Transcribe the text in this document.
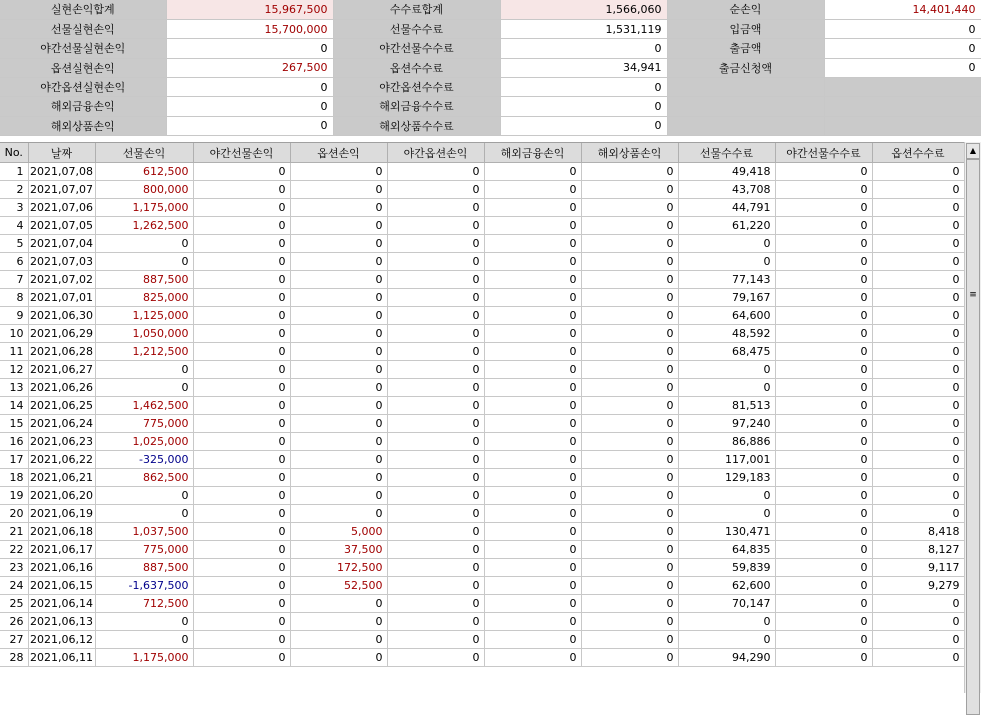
실현손익합계	15,967,500	수수료합계	1,566,060	순손익	14,401,440
선물실현손익	15,700,000	선물수수료	1,531,119	입금액	0
야간선물실현손익	0	야간선물수수료	0	출금액	0
옵션실현손익	267,500	옵션수수료	34,941	출금신청액	0
야간옵션실현손익	0	야간옵션수수료	0		
해외금융손익	0	해외금융수수료	0		
해외상품손익	0	해외상품수수료	0		
No.	날짜	선물손익	야간선물손익	옵션손익	야간옵션손익	해외금융손익	해외상품손익	선물수수료	야간선물수수료	옵션수수료
1	2021,07,08	612,500	0	0	0	0	0	49,418	0	0
2	2021,07,07	800,000	0	0	0	0	0	43,708	0	0
3	2021,07,06	1,175,000	0	0	0	0	0	44,791	0	0
4	2021,07,05	1,262,500	0	0	0	0	0	61,220	0	0
5	2021,07,04	0	0	0	0	0	0	0	0	0
6	2021,07,03	0	0	0	0	0	0	0	0	0
7	2021,07,02	887,500	0	0	0	0	0	77,143	0	0
8	2021,07,01	825,000	0	0	0	0	0	79,167	0	0
9	2021,06,30	1,125,000	0	0	0	0	0	64,600	0	0
10	2021,06,29	1,050,000	0	0	0	0	0	48,592	0	0
11	2021,06,28	1,212,500	0	0	0	0	0	68,475	0	0
12	2021,06,27	0	0	0	0	0	0	0	0	0
13	2021,06,26	0	0	0	0	0	0	0	0	0
14	2021,06,25	1,462,500	0	0	0	0	0	81,513	0	0
15	2021,06,24	775,000	0	0	0	0	0	97,240	0	0
16	2021,06,23	1,025,000	0	0	0	0	0	86,886	0	0
17	2021,06,22	-325,000	0	0	0	0	0	117,001	0	0
18	2021,06,21	862,500	0	0	0	0	0	129,183	0	0
19	2021,06,20	0	0	0	0	0	0	0	0	0
20	2021,06,19	0	0	0	0	0	0	0	0	0
21	2021,06,18	1,037,500	0	5,000	0	0	0	130,471	0	8,418
22	2021,06,17	775,000	0	37,500	0	0	0	64,835	0	8,127
23	2021,06,16	887,500	0	172,500	0	0	0	59,839	0	9,117
24	2021,06,15	-1,637,500	0	52,500	0	0	0	62,600	0	9,279
25	2021,06,14	712,500	0	0	0	0	0	70,147	0	0
26	2021,06,13	0	0	0	0	0	0	0	0	0
27	2021,06,12	0	0	0	0	0	0	0	0	0
28	2021,06,11	1,175,000	0	0	0	0	0	94,290	0	0
▲
≡
